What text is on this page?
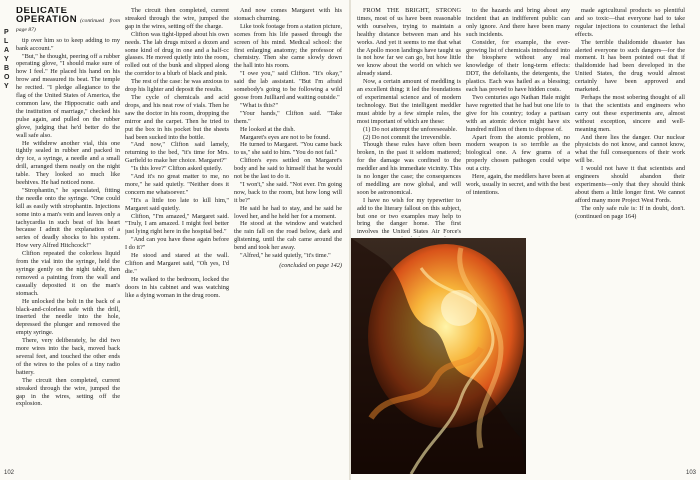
PLAYBOY
DELICATE OPERATION (continued from page 87)

tip over him so to keep adding to my bank account."

"But," he thought, peering off a rubber operating glove, "I should make sure of how I feel." He placed his hand on his brow and measured its beat. The temple he recited. "I pledge allegiance to the flag of the United States of America, the common law, the Hippocratic oath and the institution of marriage," checked his pulse again, and pulled on the rubber glove, judging that he'd better do the wall safe also.

He withdrew another vial, this one tightly sealed in rubber and packed in dry ice, a syringe, a needle and a small drill, arranged them neatly on the night table. They looked so much like beehives. He had noticed none.

"Strophantin," he speculated, fitting the needle onto the syringe. "One could kill as easily with strophantin. Injections some into a man's vein and leaves only a tachycardia in such beat of his heart because I admit the explanation of a series of deadly shocks to his system. How very Alfred Hitchcock!"

Clifton repeated the colorless liquid from the vial into the syringe, held the syringe gently on the night table, then removed a painting from the wall and casually deposited it on the man's stomach.

He unlocked the bolt in the back of a black-and-colorless safe with the drill, inserted the needle into the hole, depressed the plunger and removed the empty syringe.

There, very deliberately, he did two more wires into the back, moved back several feet, and touched the other ends of the wires to the poles of a tiny radio battery.

The circuit then completed, current streaked through the wire, jumped the gap in the wires, setting off the explosion.

The circuit then completed, current streaked through the wire, jumped the gap in the wires, setting off the charge.

Clifton was tight-lipped about his own needs. The lab drugs mixed a dozen and some kind of drug in one and a half-cc glasses. He moved quietly into the room, rolled out of the bunk and slipped along the corridor to a blurb of black and pink.

The rest of the case: he was anxious to drop his lighter and deposit the results.

The cycle of chemicals and acid drops, and his neat row of vials. Then he saw the doctor in his room, dropping the mirror and the carpet. Then he tried to put the box in his pocket but the sheets had been sucked into the bottle.

"And now," Clifton said lamely, returning to the bed, "it's time for Mrs. Garfield to make her choice. Margaret?"

"Is this love?" Clifton asked quietly.

"And it's no great matter to me, no more," he said quietly. "Neither does it concern me whatsoever."

"It's a little too late to kill him," Margaret said quietly.

Clifton, "I'm amazed," Margaret said. "Truly, I am amazed. I might feel better just lying right here in the hospital bed."

"And can you have these again before I do it?"

He stood and stared at the wall. Clifton and Margaret said, "Oh yes, I'd die."

He walked to the bedroom, locked the doors in his cabinet and was watching like a dying woman in the drug room.

And now comes Margaret with his stomach churning.

Like took footage from a station picture, scenes from his life passed through the screen of his mind. Medical school: the first enlarging anatomy; the professor of chemistry. Then she came slowly down the hall into his room.

"I owe you," said Clifton. "It's okay," said the lab assistant. "But I'm afraid somebody's going to be following a wild goose from Juilliard and waiting outside."

"What is this?"

"Your hands," Clifton said. "Take them."

He looked at the dish.

Margaret's eyes are not to be found.

He turned to Margaret. "You came back to us," she said to him. "You do not fail."

Clifton's eyes settled on Margaret's body and he said to himself that he would not be the last to do it.

"I won't," she said. "Not ever. I'm going now, back to the room, but how long will it be?"

He said he had to stay, and he said he loved her, and he held her for a moment.

He stood at the window and watched the rain fall on the road below, dark and glistening, until the cab came around the bend and took her away.

"Alfred," he said quietly, "it's time."

(concluded on page 142)
102

FROM THE BRIGHT, STRONG times, most of us have been reasonable with ourselves, trying to maintain a healthy distance between man and his works. And yet it seems to me that what the Apollo moon landings have taught us is not how far we can go, but how little we know about the world on which we already stand.

Now, a certain amount of meddling is an excellent thing; it led the foundations of experimental science and of modern technology. But the intelligent meddler must abide by a few simple rules, the most important of which are these:

(1) Do not attempt the unforeseeable.

(2) Do not commit the irreversible.

Though these rules have often been broken, in the past it seldom mattered; for the damage was confined to the meddler and his immediate vicinity. This is no longer the case; the consequences of meddling are now global, and will soon be astronomical.

I have no wish for my typewriter to add to the literary fallout on this subject, but one or two examples may help to bring the danger home. The first involves the United States Air Force's

to the hazards and bring about any incident that an indifferent public can only ignore. And there have been many such incidents.

Consider, for example, the ever-growing list of chemicals introduced into the biosphere without any real knowledge of their long-term effects: DDT, the defoliants, the detergents, the plastics. Each was hailed as a blessing; each has proved to have hidden costs.

Two centuries ago Nathan Hale might have regretted that he had but one life to give for his country; today a partisan with an atomic device might have six hundred million of them to dispose of.

Apart from the atomic problem, no modern weapon is so terrible as the biological one. A few grams of a properly chosen pathogen could wipe out a city.

Here, again, the meddlers have been at work, usually in secret, and with the best of intentions.

made agricultural products so plentiful and so toxic—that everyone had to take regular injections to counteract the lethal effects.

The terrible thalidomide disaster has alerted everyone to such dangers—for the moment. It has been pointed out that if thalidomide had been developed in the United States, the drug would almost certainly have been approved and marketed.

Perhaps the most sobering thought of all is that the scientists and engineers who carry out these experiments are, almost without exception, sincere and well-meaning men.

And there lies the danger. Our nuclear physicists do not know, and cannot know, what the full consequences of their work will be.

I would not have it that scientists and engineers should abandon their experiments—only that they should think about them a little longer first. We cannot afford many more Project West Fords.

The only safe rule is: If in doubt, don't. (continued on page 164)

103
